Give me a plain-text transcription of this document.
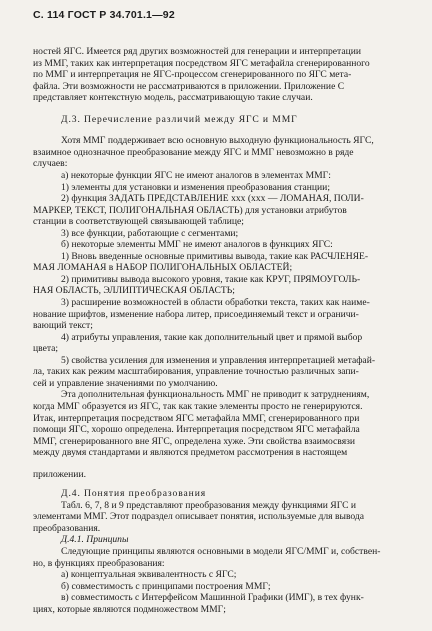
С. 114 ГОСТ Р 34.701.1—92
ностей ЯГС. Имеется ряд других возможностей для генерации и интерпретации
из ММГ, таких как интерпретация посредством ЯГС метафайла сгенерированного
по ММГ и интерпретация не ЯГС-процессом сгенерированного по ЯГС мета-
файла. Эти возможности не рассматриваются в приложении. Приложение С
представляет контекстную модель, рассматривающую такие случаи.
Д.3. Перечисление различий между ЯГС и ММГ
Хотя ММГ поддерживает всю основную выходную функциональность ЯГС,
взаимное однозначное преобразование между ЯГС и ММГ невозможно в ряде
случаев:
а) некоторые функции ЯГС не имеют аналогов в элементах ММГ:
1) элементы для установки и изменения преобразования станции;
2) функция ЗАДАТЬ ПРЕДСТАВЛЕНИЕ ххх (ххх — ЛОМАНАЯ, ПОЛИ-
МАРКЕР, ТЕКСТ, ПОЛИГОНАЛЬНАЯ ОБЛАСТЬ) для установки атрибутов
станции в соответствующей связывающей таблице;
3) все функции, работающие с сегментами;
б) некоторые элементы ММГ не имеют аналогов в функциях ЯГС:
1) Вновь введенные основные примитивы вывода, такие как РАСЧЛЕНЯЕ-
МАЯ ЛОМАНАЯ в НАБОР ПОЛИГОНАЛЬНЫХ ОБЛАСТЕЙ;
2) примитивы вывода высокого уровня, такие как КРУГ, ПРЯМОУГОЛЬ-
НАЯ ОБЛАСТЬ, ЭЛЛИПТИЧЕСКАЯ ОБЛАСТЬ;
3) расширение возможностей в области обработки текста, таких как наиме-
нование шрифтов, изменение набора литер, присоединяемый текст и ограничи-
вающий текст;
4) атрибуты управления, такие как дополнительный цвет и прямой выбор
цвета;
5) свойства усиления для изменения и управления интерпретацией метафай-
ла, таких как режим масштабирования, управление точностью различных запи-
сей и управление значениями по умолчанию.
Эта дополнительная функциональность ММГ не приводит к затруднениям,
когда ММГ образуется из ЯГС, так как такие элементы просто не генерируются.
Итак, интерпретация посредством ЯГС метафайла ММГ, сгенерированного при
помощи ЯГС, хорошо определена. Интерпретация посредством ЯГС метафайла
ММГ, сгенерированного вне ЯГС, определена хуже. Эти свойства взаимосвязи
между двумя стандартами и являются предметом рассмотрения в настоящем
приложении.
Д.4. Понятия преобразования
Табл. 6, 7, 8 и 9 представляют преобразования между функциями ЯГС и
элементами ММГ. Этот подраздел описывает понятия, используемые для вывода
преобразования.
Д.4.1. Принципы
Следующие принципы являются основными в модели ЯГС/ММГ и, собствен-
но, в функциях преобразования:
а) концептуальная эквивалентность с ЯГС;
б) совместимость с принципами построения ММГ;
в) совместимость с Интерфейсом Машинной Графики (ИМГ), в тех функ-
циях, которые являются подмножеством ММГ;
